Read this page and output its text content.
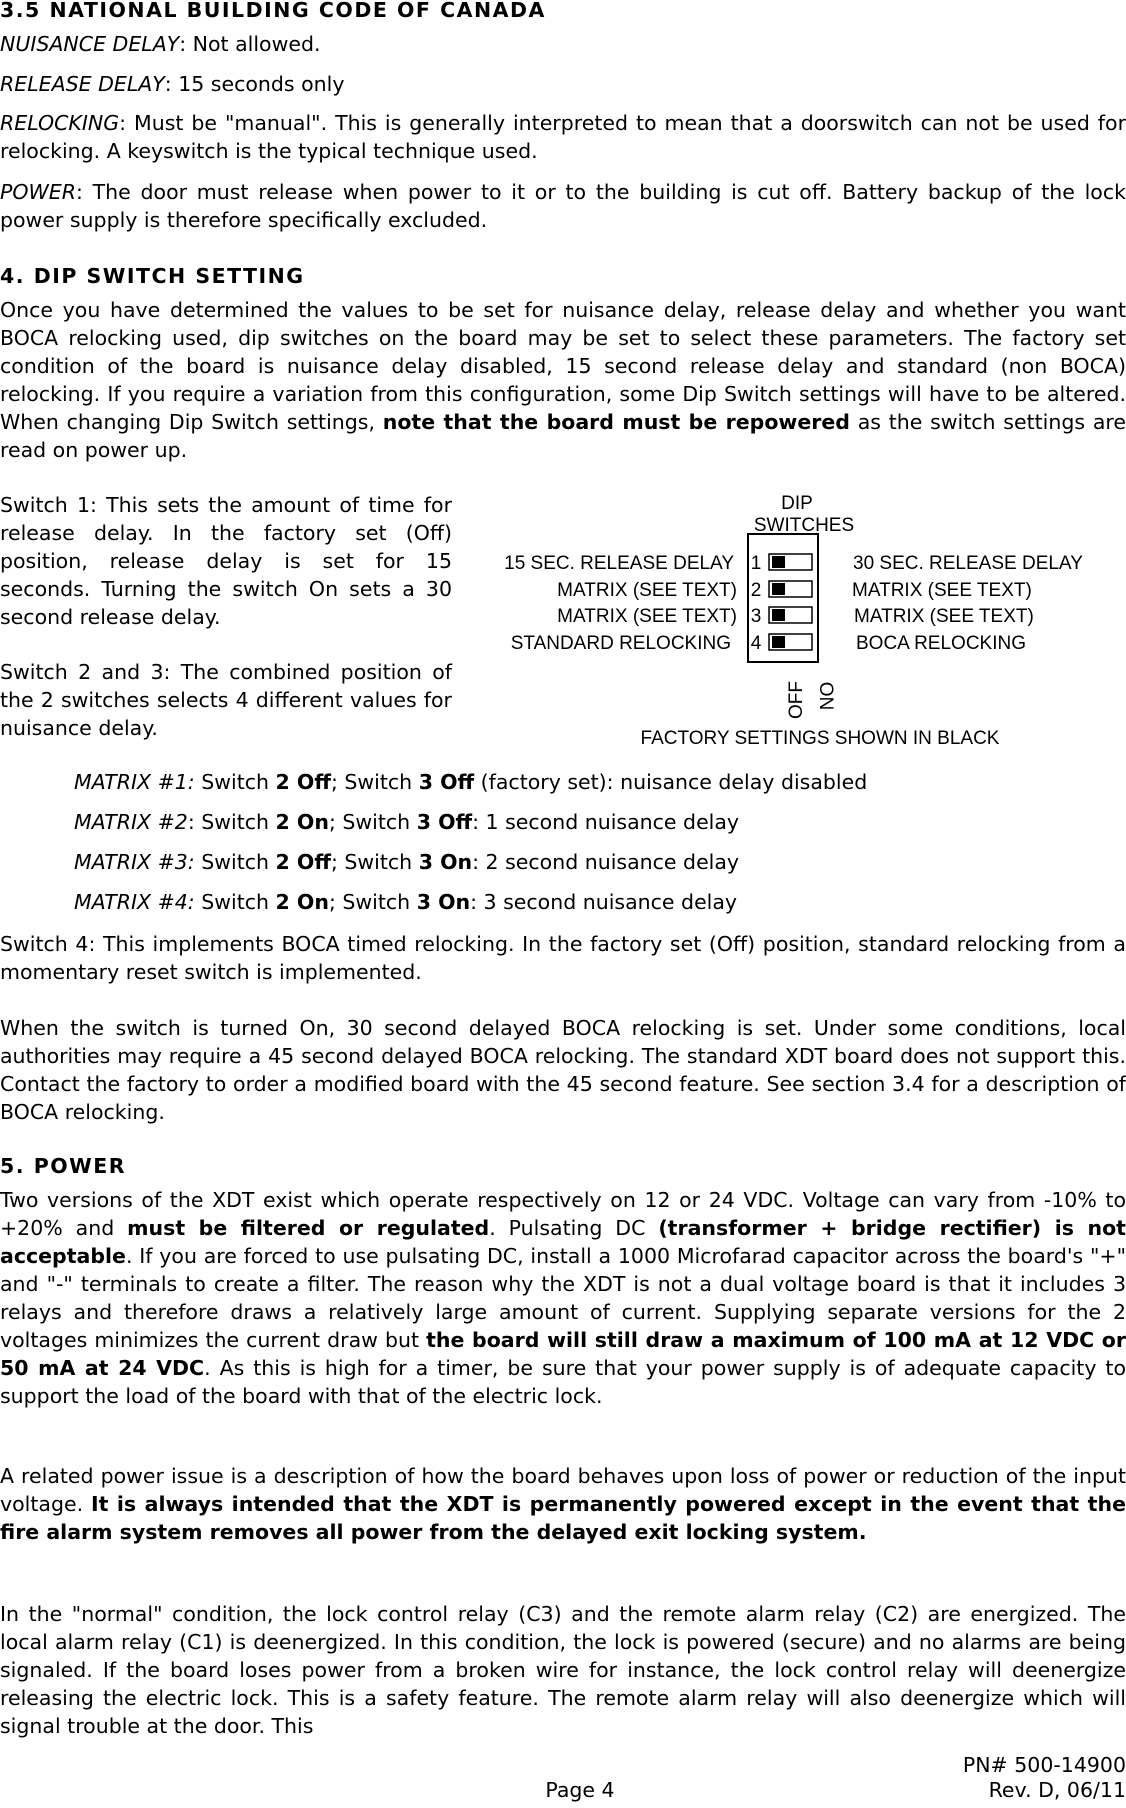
3.5 NATIONAL BUILDING CODE OF CANADA

NUISANCE DELAY: Not allowed.

RELEASE DELAY: 15 seconds only

RELOCKING: Must be "manual". This is generally interpreted to mean that a doorswitch can not be used for relocking. A keyswitch is the typical technique used.

POWER: The door must release when power to it or to the building is cut off. Battery backup of the lock power supply is therefore specifically excluded.

4. DIP SWITCH SETTING

Once you have determined the values to be set for nuisance delay, release delay and whether you want BOCA relocking used, dip switches on the board may be set to select these parameters. The factory set condition of the board is nuisance delay disabled, 15 second release delay and standard (non BOCA) relocking. If you require a variation from this configuration, some Dip Switch settings will have to be altered. When changing Dip Switch settings, note that the board must be repowered as the switch settings are read on power up.

Switch 1: This sets the amount of time for release delay. In the factory set (Off) position, release delay is set for 15 seconds. Turning the switch On sets a 30 second release delay.

Switch 2 and 3: The combined position of the 2 switches selects 4 different values for nuisance delay.

DIP
SWITCHES
15 SEC. RELEASE DELAY 1	30 SEC. RELEASE DELAY
MATRIX (SEE TEXT) 2	MATRIX (SEE TEXT)
MATRIX (SEE TEXT) 3	MATRIX (SEE TEXT)
STANDARD RELOCKING 4	BOCA RELOCKING
OFF ON
FACTORY SETTINGS SHOWN IN BLACK

MATRIX #1: Switch 2 Off; Switch 3 Off (factory set): nuisance delay disabled

MATRIX #2: Switch 2 On; Switch 3 Off: 1 second nuisance delay

MATRIX #3: Switch 2 Off; Switch 3 On: 2 second nuisance delay

MATRIX #4: Switch 2 On; Switch 3 On: 3 second nuisance delay

Switch 4: This implements BOCA timed relocking. In the factory set (Off) position, standard relocking from a momentary reset switch is implemented.

When the switch is turned On, 30 second delayed BOCA relocking is set. Under some conditions, local authorities may require a 45 second delayed BOCA relocking. The standard XDT board does not support this. Contact the factory to order a modified board with the 45 second feature. See section 3.4 for a description of BOCA relocking.

5. POWER

Two versions of the XDT exist which operate respectively on 12 or 24 VDC. Voltage can vary from -10% to +20% and must be filtered or regulated. Pulsating DC (transformer + bridge rectifier) is not acceptable. If you are forced to use pulsating DC, install a 1000 Microfarad capacitor across the board's "+" and "-" terminals to create a filter. The reason why the XDT is not a dual voltage board is that it includes 3 relays and therefore draws a relatively large amount of current. Supplying separate versions for the 2 voltages minimizes the current draw but the board will still draw a maximum of 100 mA at 12 VDC or 50 mA at 24 VDC. As this is high for a timer, be sure that your power supply is of adequate capacity to support the load of the board with that of the electric lock.

A related power issue is a description of how the board behaves upon loss of power or reduction of the input voltage. It is always intended that the XDT is permanently powered except in the event that the fire alarm system removes all power from the delayed exit locking system.

In the "normal" condition, the lock control relay (C3) and the remote alarm relay (C2) are energized. The local alarm relay (C1) is deenergized. In this condition, the lock is powered (secure) and no alarms are being signaled. If the board loses power from a broken wire for instance, the lock control relay will deenergize releasing the electric lock. This is a safety feature. The remote alarm relay will also deenergize which will signal trouble at the door. This

PN# 500-14900

Page 4	Rev. D, 06/11
